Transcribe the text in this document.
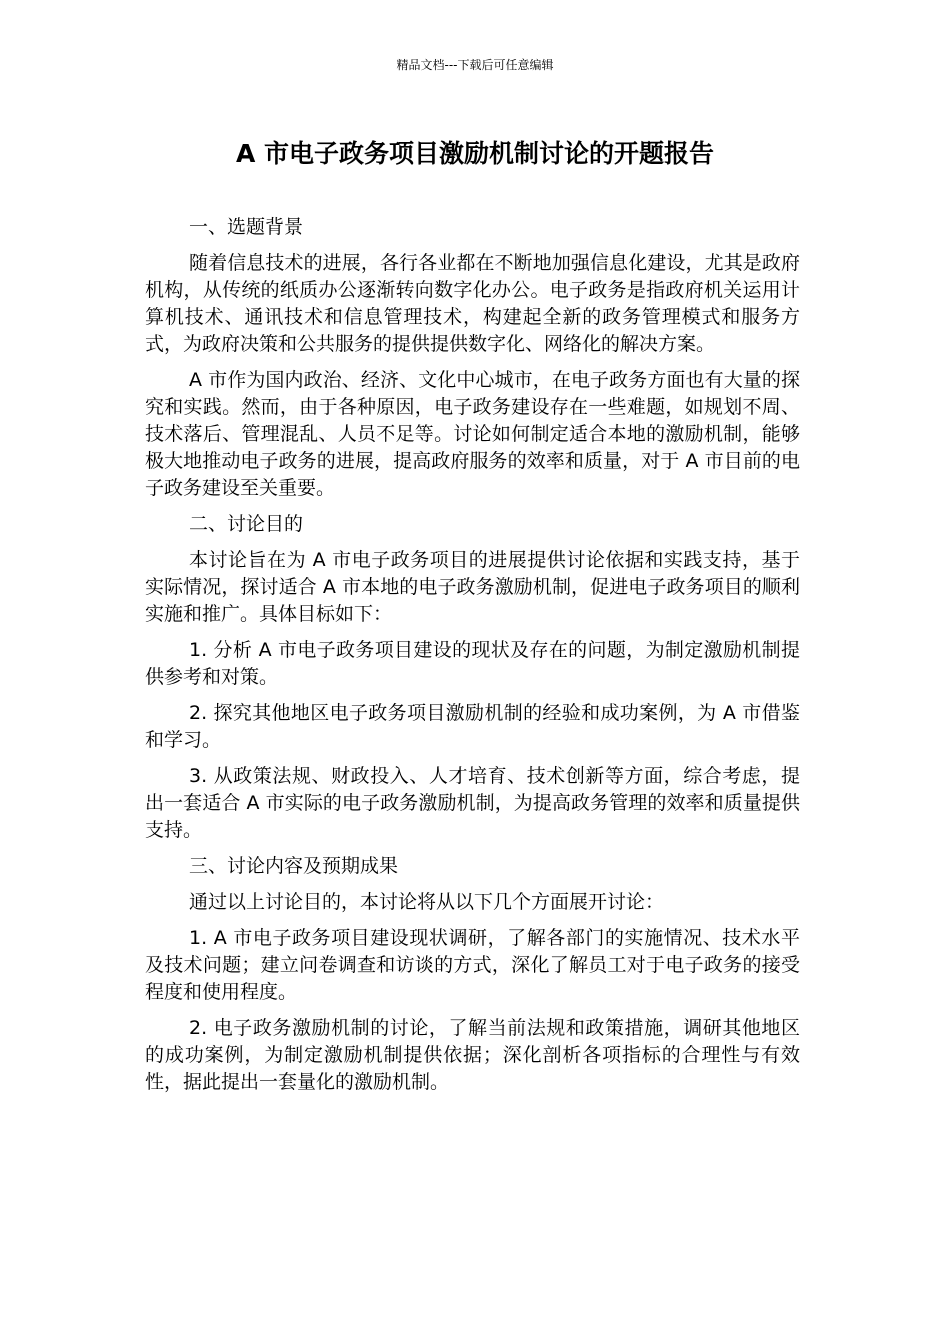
精品文档---下载后可任意编辑
A 市电子政务项目激励机制讨论的开题报告

一、选题背景

随着信息技术的进展，各行各业都在不断地加强信息化建设，尤其是政府机构，从传统的纸质办公逐渐转向数字化办公。电子政务是指政府机关运用计算机技术、通讯技术和信息管理技术，构建起全新的政务管理模式和服务方式，为政府决策和公共服务的提供提供数字化、网络化的解决方案。

A 市作为国内政治、经济、文化中心城市，在电子政务方面也有大量的探究和实践。然而，由于各种原因，电子政务建设存在一些难题，如规划不周、技术落后、管理混乱、人员不足等。讨论如何制定适合本地的激励机制，能够极大地推动电子政务的进展，提高政府服务的效率和质量，对于 A 市目前的电子政务建设至关重要。

二、讨论目的

本讨论旨在为 A 市电子政务项目的进展提供讨论依据和实践支持，基于实际情况，探讨适合 A 市本地的电子政务激励机制，促进电子政务项目的顺利实施和推广。具体目标如下：

1. 分析 A 市电子政务项目建设的现状及存在的问题，为制定激励机制提供参考和对策。

2. 探究其他地区电子政务项目激励机制的经验和成功案例，为 A 市借鉴和学习。

3. 从政策法规、财政投入、人才培育、技术创新等方面，综合考虑，提出一套适合 A 市实际的电子政务激励机制，为提高政务管理的效率和质量提供支持。

三、讨论内容及预期成果

通过以上讨论目的，本讨论将从以下几个方面展开讨论：

1. A 市电子政务项目建设现状调研，了解各部门的实施情况、技术水平及技术问题；建立问卷调查和访谈的方式，深化了解员工对于电子政务的接受程度和使用程度。

2. 电子政务激励机制的讨论，了解当前法规和政策措施，调研其他地区的成功案例，为制定激励机制提供依据；深化剖析各项指标的合理性与有效性，据此提出一套量化的激励机制。
